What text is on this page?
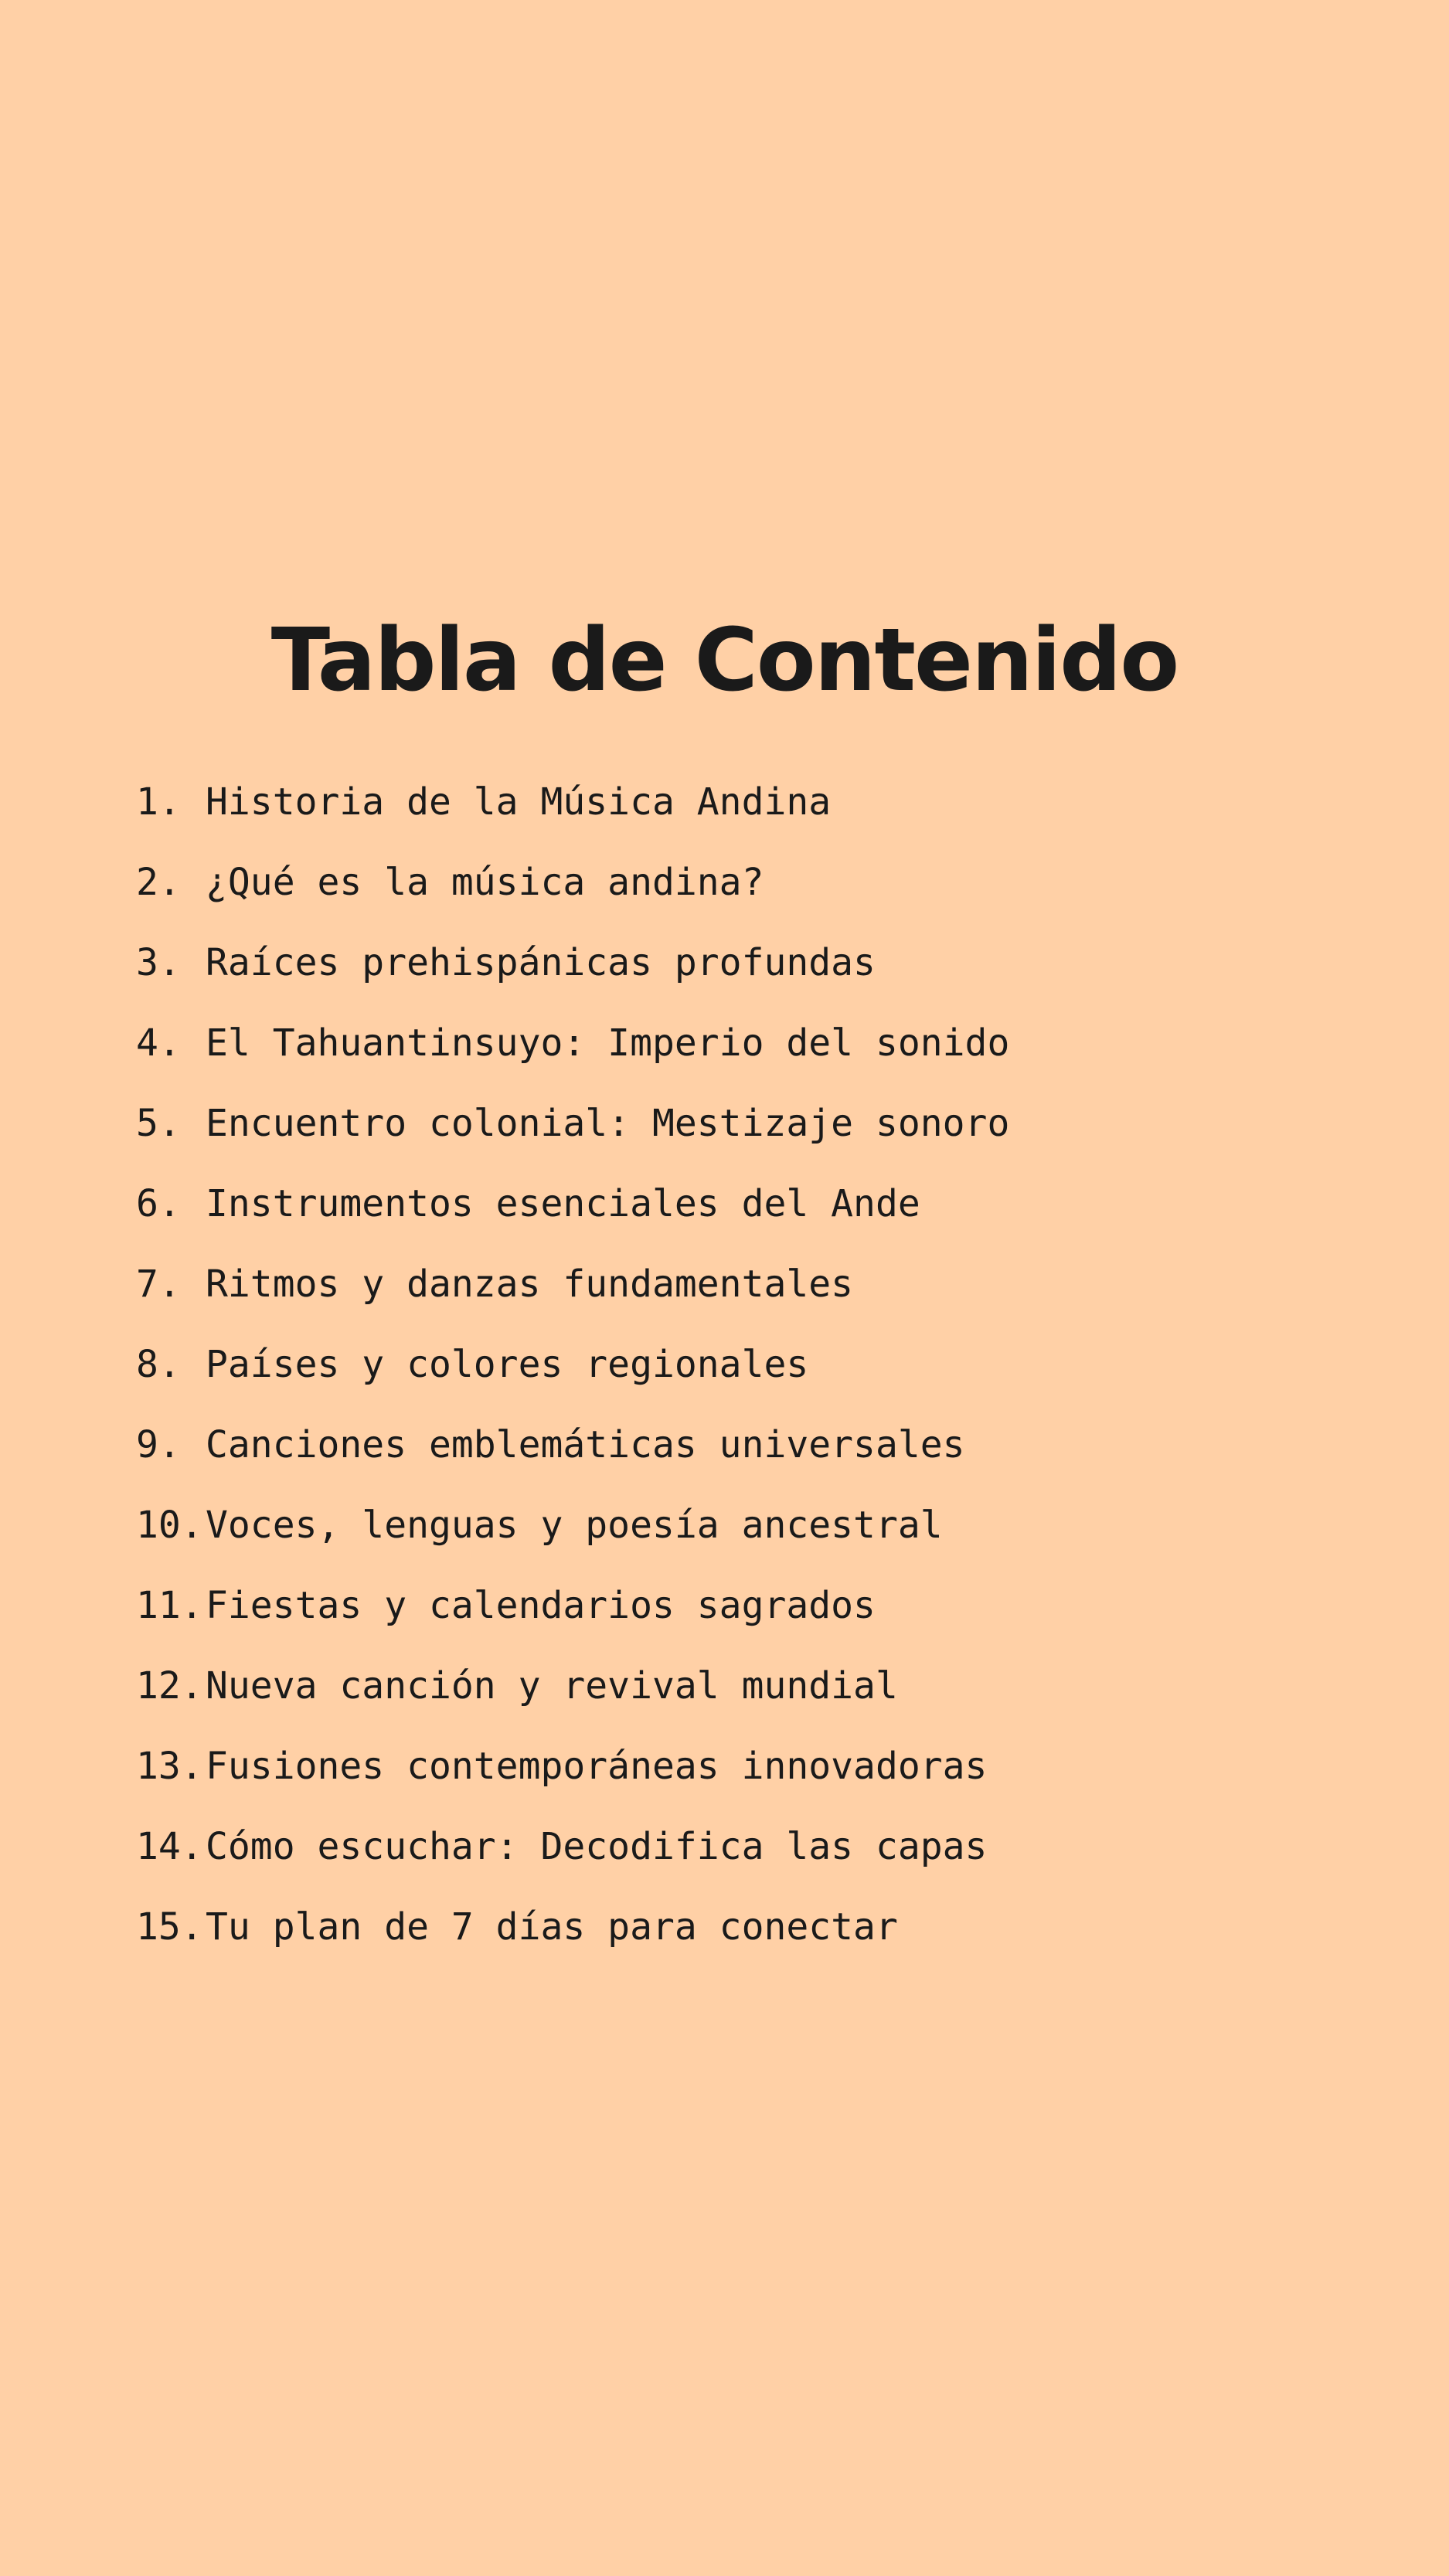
Tabla de Contenido
1. Historia de la Música Andina
2. ¿Qué es la música andina?
3. Raíces prehispánicas profundas
4. El Tahuantinsuyo: Imperio del sonido
5. Encuentro colonial: Mestizaje sonoro
6. Instrumentos esenciales del Ande
7. Ritmos y danzas fundamentales
8. Países y colores regionales
9. Canciones emblemáticas universales
10. Voces, lenguas y poesía ancestral
11. Fiestas y calendarios sagrados
12. Nueva canción y revival mundial
13. Fusiones contemporáneas innovadoras
14. Cómo escuchar: Decodifica las capas
15. Tu plan de 7 días para conectar
